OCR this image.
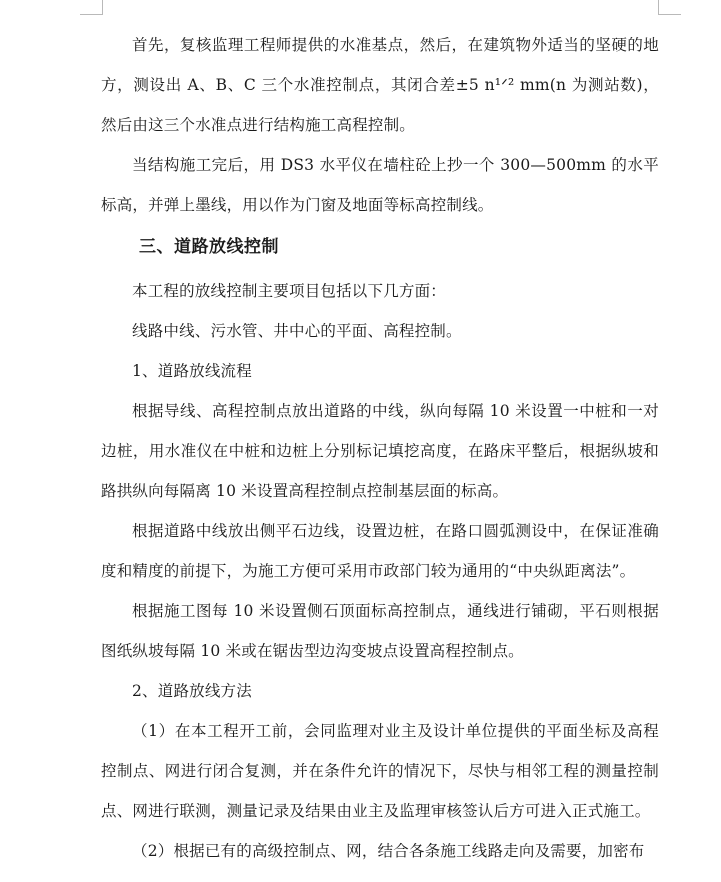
首先，复核监理工程师提供的水准基点，然后，在建筑物外适当的坚硬的地方，测设出 A、B、C 三个水准控制点，其闭合差±5 n¹ᐟ² mm(n 为测站数)，然后由这三个水准点进行结构施工高程控制。

当结构施工完后，用 DS3 水平仪在墙柱砼上抄一个 300—500mm 的水平标高，并弹上墨线，用以作为门窗及地面等标高控制线。

三、道路放线控制

本工程的放线控制主要项目包括以下几方面：

线路中线、污水管、井中心的平面、高程控制。

1、道路放线流程

根据导线、高程控制点放出道路的中线，纵向每隔 10 米设置一中桩和一对边桩，用水准仪在中桩和边桩上分别标记填挖高度，在路床平整后，根据纵坡和路拱纵向每隔离 10 米设置高程控制点控制基层面的标高。

根据道路中线放出侧平石边线，设置边桩，在路口圆弧测设中，在保证准确度和精度的前提下，为施工方便可采用市政部门较为通用的“中央纵距离法”。

根据施工图每 10 米设置侧石顶面标高控制点，通线进行铺砌，平石则根据图纸纵坡每隔 10 米或在锯齿型边沟变坡点设置高程控制点。

2、道路放线方法

（1）在本工程开工前，会同监理对业主及设计单位提供的平面坐标及高程控制点、网进行闭合复测，并在条件允许的情况下，尽快与相邻工程的测量控制点、网进行联测，测量记录及结果由业主及监理审核签认后方可进入正式施工。

（2）根据已有的高级控制点、网，结合各条施工线路走向及需要，加密布
